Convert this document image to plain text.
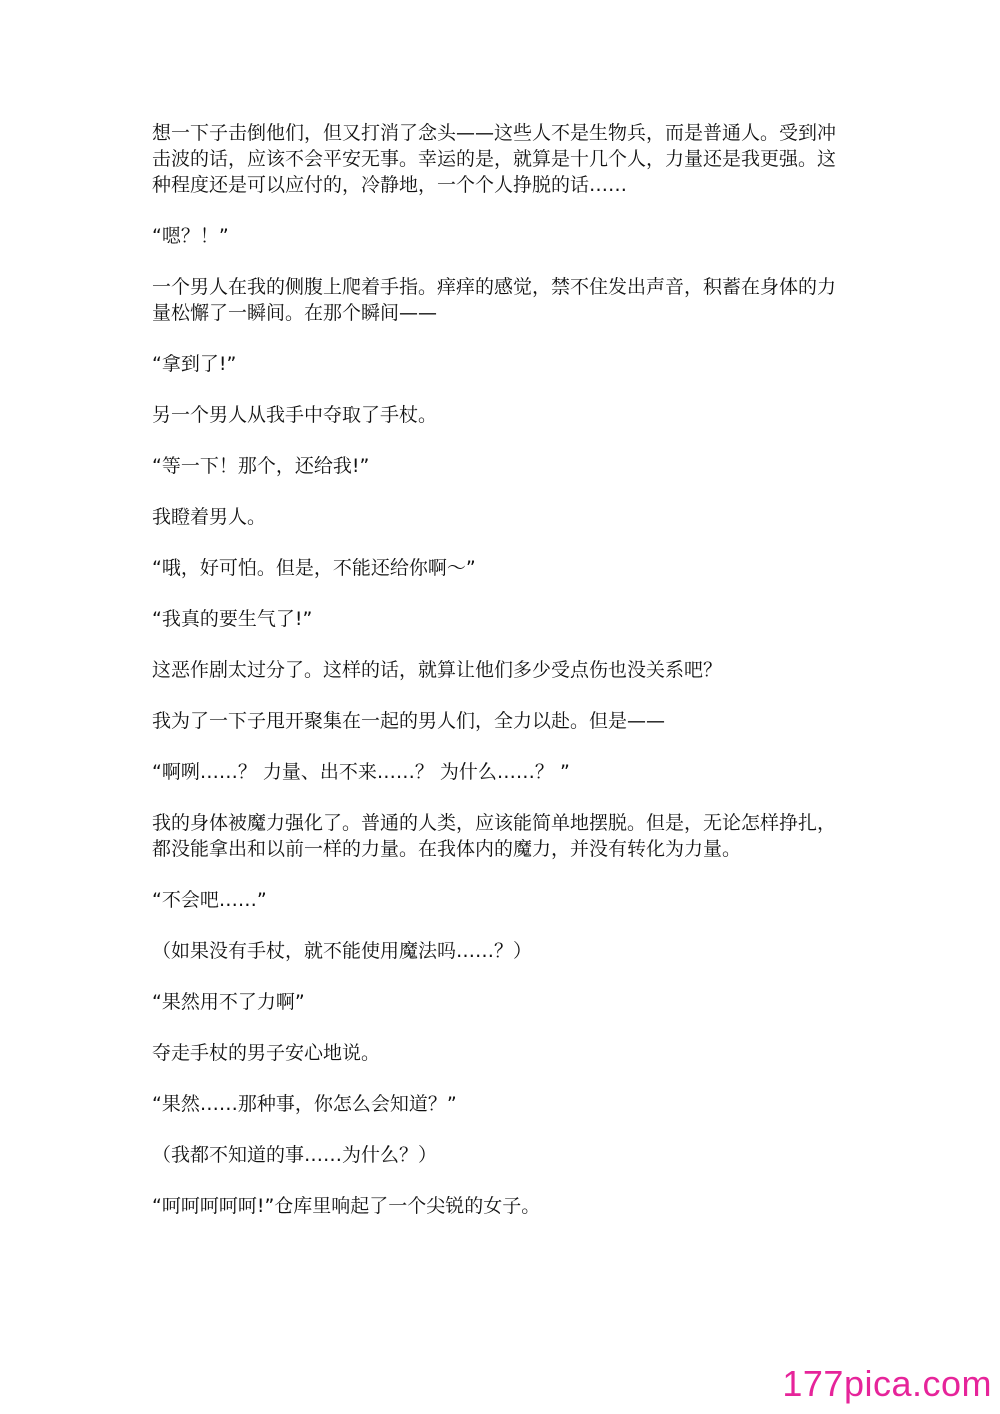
想一下子击倒他们，但又打消了念头——这些人不是生物兵，而是普通人。受到冲击波的话，应该不会平安无事。幸运的是，就算是十几个人，力量还是我更强。这种程度还是可以应付的，冷静地，一个个人挣脱的话……

“嗯？！”

一个男人在我的侧腹上爬着手指。痒痒的感觉，禁不住发出声音，积蓄在身体的力量松懈了一瞬间。在那个瞬间——

“拿到了!”

另一个男人从我手中夺取了手杖。

“等一下！那个，还给我!”

我瞪着男人。

“哦，好可怕。但是，不能还给你啊～”

“我真的要生气了!”

这恶作剧太过分了。这样的话，就算让他们多少受点伤也没关系吧？

我为了一下子甩开聚集在一起的男人们，全力以赴。但是——

“啊咧……？ 力量、出不来……？ 为什么……？ ”

我的身体被魔力强化了。普通的人类，应该能简单地摆脱。但是，无论怎样挣扎，都没能拿出和以前一样的力量。在我体内的魔力，并没有转化为力量。

“不会吧……”

（如果没有手杖，就不能使用魔法吗……？）

“果然用不了力啊”

夺走手杖的男子安心地说。

“果然……那种事，你怎么会知道？”

（我都不知道的事……为什么？）

“呵呵呵呵呵!”仓库里响起了一个尖锐的女子。

177pica.com
